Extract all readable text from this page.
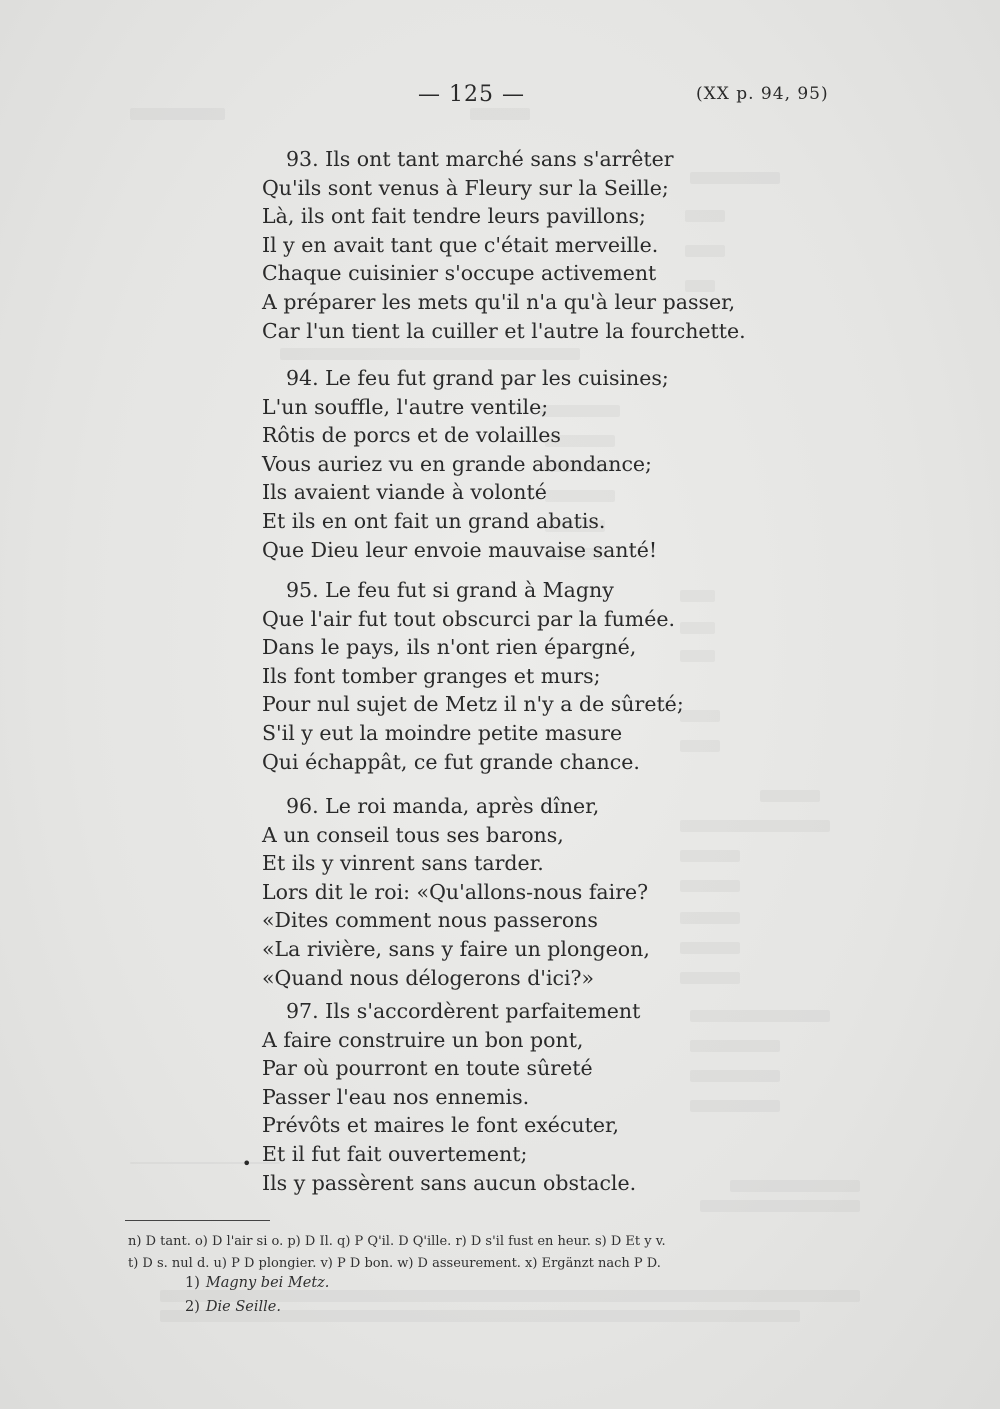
— 125 —	(XX p. 94, 95)
93. Ils ont tant marché sans s'arrêter
Qu'ils sont venus à Fleury sur la Seille;
Là, ils ont fait tendre leurs pavillons;
Il y en avait tant que c'était merveille.
Chaque cuisinier s'occupe activement
A préparer les mets qu'il n'a qu'à leur passer,
Car l'un tient la cuiller et l'autre la fourchette.
94. Le feu fut grand par les cuisines;
L'un souffle, l'autre ventile;
Rôtis de porcs et de volailles
Vous auriez vu en grande abondance;
Ils avaient viande à volonté
Et ils en ont fait un grand abatis.
Que Dieu leur envoie mauvaise santé!
95. Le feu fut si grand à Magny
Que l'air fut tout obscurci par la fumée.
Dans le pays, ils n'ont rien épargné,
Ils font tomber granges et murs;
Pour nul sujet de Metz il n'y a de sûreté;
S'il y eut la moindre petite masure
Qui échappât, ce fut grande chance.
96. Le roi manda, après dîner,
A un conseil tous ses barons,
Et ils y vinrent sans tarder.
Lors dit le roi: «Qu'allons-nous faire?
«Dites comment nous passerons
«La rivière, sans y faire un plongeon,
«Quand nous délogerons d'ici?»
97. Ils s'accordèrent parfaitement
A faire construire un bon pont,
Par où pourront en toute sûreté
Passer l'eau nos ennemis.
Prévôts et maires le font exécuter,
Et il fut fait ouvertement;
Ils y passèrent sans aucun obstacle.
•
n) D tant. o) D l'air si o. p) D Il. q) P Q'il. D Q'ille. r) D s'il fust en heur. s) D Et y v.
t) D s. nul d. u) P D plongier. v) P D bon. w) D asseurement. x) Ergänzt nach P D.
1) Magny bei Metz.
2) Die Seille.
